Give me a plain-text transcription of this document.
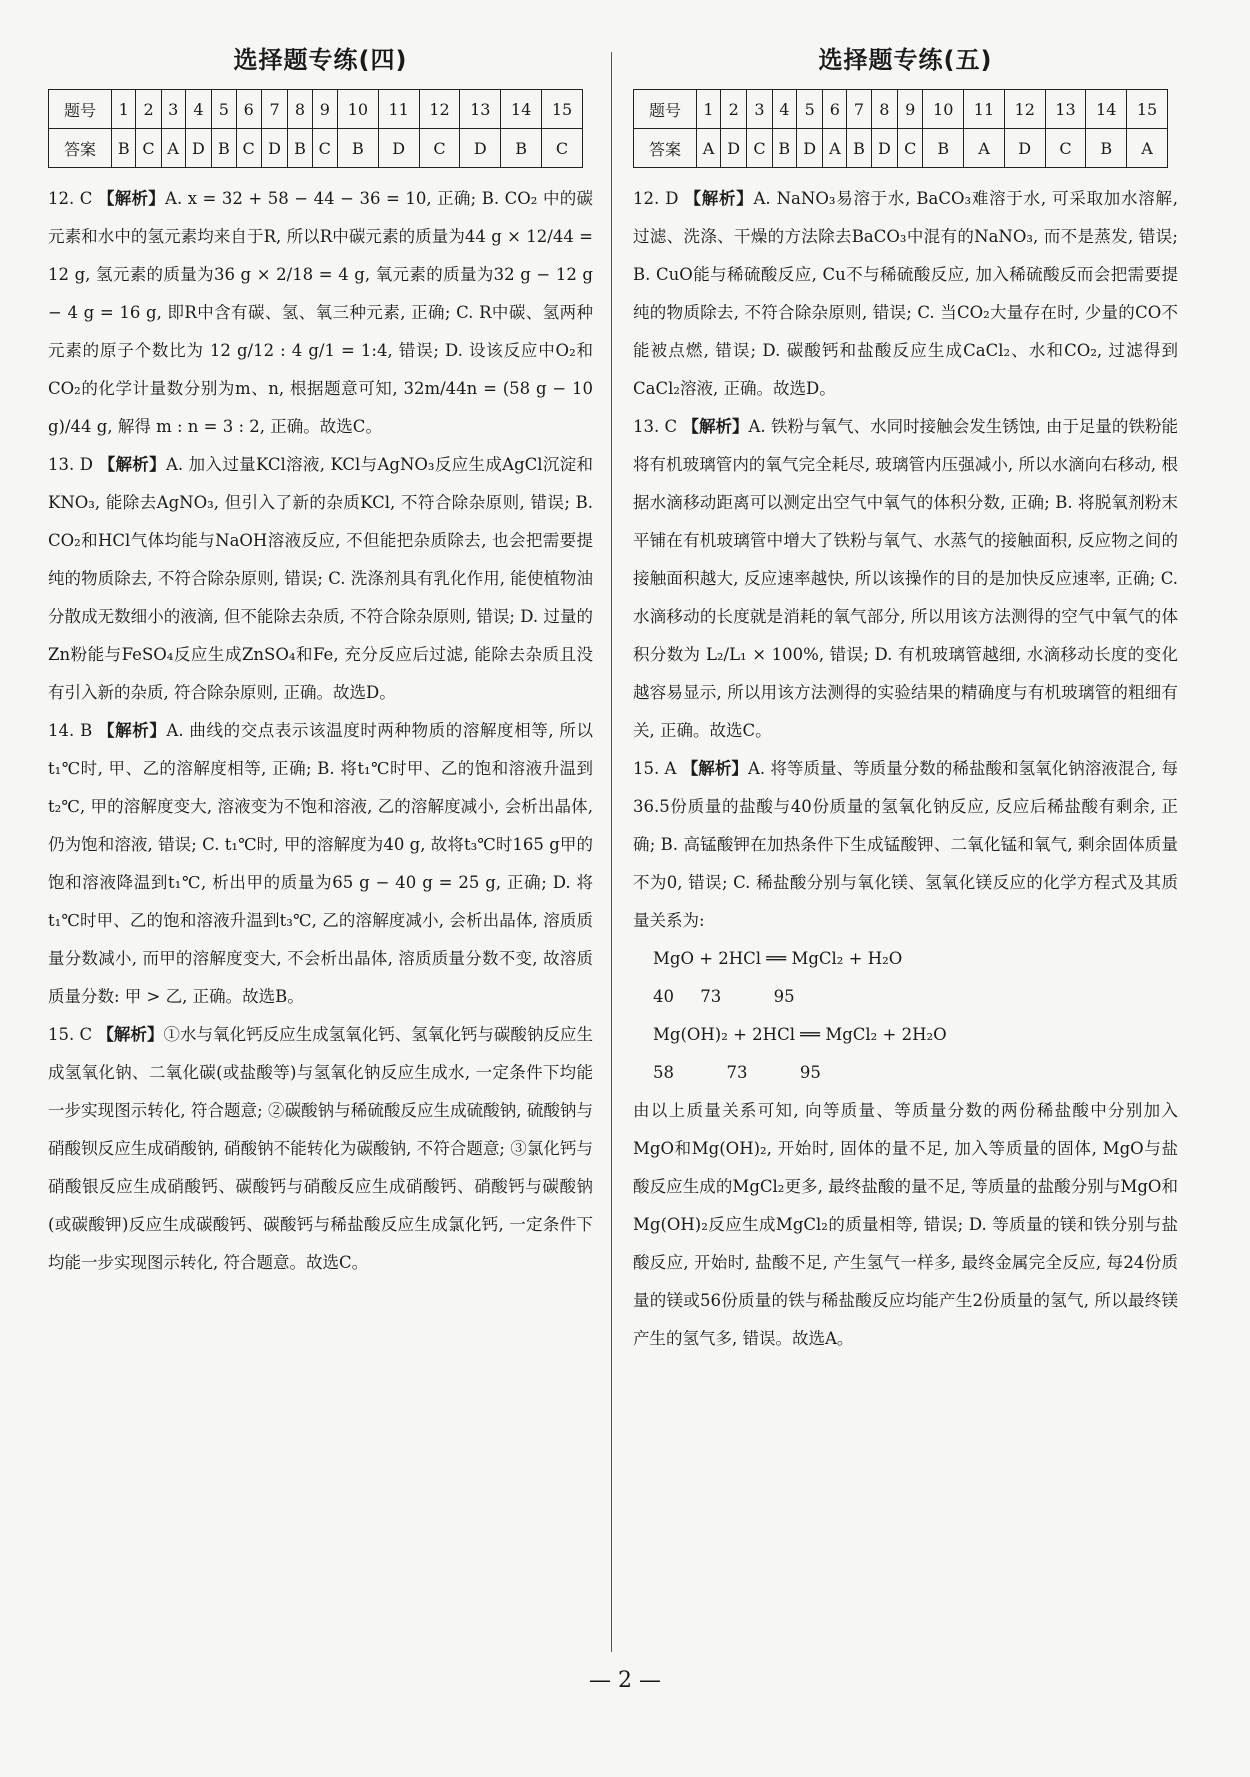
选择题专练(四)
题号	1	2	3	4	5	6	7	8	9	10	11	12	13	14	15
答案	B	C	A	D	B	C	D	B	C	B	D	C	D	B	C

12. C 【解析】A. x = 32 + 58 − 44 − 36 = 10, 正确; B. CO₂ 中的碳元素和水中的氢元素均来自于R, 所以R中碳元素的质量为44 g × 12/44 = 12 g, 氢元素的质量为36 g × 2/18 = 4 g, 氧元素的质量为32 g − 12 g − 4 g = 16 g, 即R中含有碳、氢、氧三种元素, 正确; C. R中碳、氢两种元素的原子个数比为 12 g/12 : 4 g/1 = 1:4, 错误; D. 设该反应中O₂和CO₂的化学计量数分别为m、n, 根据题意可知, 32m/44n = (58 g − 10 g)/44 g, 解得 m : n = 3 : 2, 正确。故选C。

13. D 【解析】A. 加入过量KCl溶液, KCl与AgNO₃反应生成AgCl沉淀和KNO₃, 能除去AgNO₃, 但引入了新的杂质KCl, 不符合除杂原则, 错误; B. CO₂和HCl气体均能与NaOH溶液反应, 不但能把杂质除去, 也会把需要提纯的物质除去, 不符合除杂原则, 错误; C. 洗涤剂具有乳化作用, 能使植物油分散成无数细小的液滴, 但不能除去杂质, 不符合除杂原则, 错误; D. 过量的Zn粉能与FeSO₄反应生成ZnSO₄和Fe, 充分反应后过滤, 能除去杂质且没有引入新的杂质, 符合除杂原则, 正确。故选D。

14. B 【解析】A. 曲线的交点表示该温度时两种物质的溶解度相等, 所以t₁℃时, 甲、乙的溶解度相等, 正确; B. 将t₁℃时甲、乙的饱和溶液升温到t₂℃, 甲的溶解度变大, 溶液变为不饱和溶液, 乙的溶解度减小, 会析出晶体, 仍为饱和溶液, 错误; C. t₁℃时, 甲的溶解度为40 g, 故将t₃℃时165 g甲的饱和溶液降温到t₁℃, 析出甲的质量为65 g − 40 g = 25 g, 正确; D. 将t₁℃时甲、乙的饱和溶液升温到t₃℃, 乙的溶解度减小, 会析出晶体, 溶质质量分数减小, 而甲的溶解度变大, 不会析出晶体, 溶质质量分数不变, 故溶质质量分数: 甲 > 乙, 正确。故选B。

15. C 【解析】①水与氧化钙反应生成氢氧化钙、氢氧化钙与碳酸钠反应生成氢氧化钠、二氧化碳(或盐酸等)与氢氧化钠反应生成水, 一定条件下均能一步实现图示转化, 符合题意; ②碳酸钠与稀硫酸反应生成硫酸钠, 硫酸钠与硝酸钡反应生成硝酸钠, 硝酸钠不能转化为碳酸钠, 不符合题意; ③氯化钙与硝酸银反应生成硝酸钙、碳酸钙与硝酸反应生成硝酸钙、硝酸钙与碳酸钠(或碳酸钾)反应生成碳酸钙、碳酸钙与稀盐酸反应生成氯化钙, 一定条件下均能一步实现图示转化, 符合题意。故选C。

选择题专练(五)
题号	1	2	3	4	5	6	7	8	9	10	11	12	13	14	15
答案	A	D	C	B	D	A	B	D	C	B	A	D	C	B	A

12. D 【解析】A. NaNO₃易溶于水, BaCO₃难溶于水, 可采取加水溶解, 过滤、洗涤、干燥的方法除去BaCO₃中混有的NaNO₃, 而不是蒸发, 错误; B. CuO能与稀硫酸反应, Cu不与稀硫酸反应, 加入稀硫酸反而会把需要提纯的物质除去, 不符合除杂原则, 错误; C. 当CO₂大量存在时, 少量的CO不能被点燃, 错误; D. 碳酸钙和盐酸反应生成CaCl₂、水和CO₂, 过滤得到CaCl₂溶液, 正确。故选D。

13. C 【解析】A. 铁粉与氧气、水同时接触会发生锈蚀, 由于足量的铁粉能将有机玻璃管内的氧气完全耗尽, 玻璃管内压强减小, 所以水滴向右移动, 根据水滴移动距离可以测定出空气中氧气的体积分数, 正确; B. 将脱氧剂粉末平铺在有机玻璃管中增大了铁粉与氧气、水蒸气的接触面积, 反应物之间的接触面积越大, 反应速率越快, 所以该操作的目的是加快反应速率, 正确; C. 水滴移动的长度就是消耗的氧气部分, 所以用该方法测得的空气中氧气的体积分数为 L₂/L₁ × 100%, 错误; D. 有机玻璃管越细, 水滴移动长度的变化越容易显示, 所以用该方法测得的实验结果的精确度与有机玻璃管的粗细有关, 正确。故选C。

15. A 【解析】A. 将等质量、等质量分数的稀盐酸和氢氧化钠溶液混合, 每36.5份质量的盐酸与40份质量的氢氧化钠反应, 反应后稀盐酸有剩余, 正确; B. 高锰酸钾在加热条件下生成锰酸钾、二氧化锰和氧气, 剩余固体质量不为0, 错误; C. 稀盐酸分别与氧化镁、氢氧化镁反应的化学方程式及其质量关系为:

MgO + 2HCl ══ MgCl₂ + H₂O

40     73          95

Mg(OH)₂ + 2HCl ══ MgCl₂ + 2H₂O

58          73          95

由以上质量关系可知, 向等质量、等质量分数的两份稀盐酸中分别加入MgO和Mg(OH)₂, 开始时, 固体的量不足, 加入等质量的固体, MgO与盐酸反应生成的MgCl₂更多, 最终盐酸的量不足, 等质量的盐酸分别与MgO和Mg(OH)₂反应生成MgCl₂的质量相等, 错误; D. 等质量的镁和铁分别与盐酸反应, 开始时, 盐酸不足, 产生氢气一样多, 最终金属完全反应, 每24份质量的镁或56份质量的铁与稀盐酸反应均能产生2份质量的氢气, 所以最终镁产生的氢气多, 错误。故选A。

— 2 —
